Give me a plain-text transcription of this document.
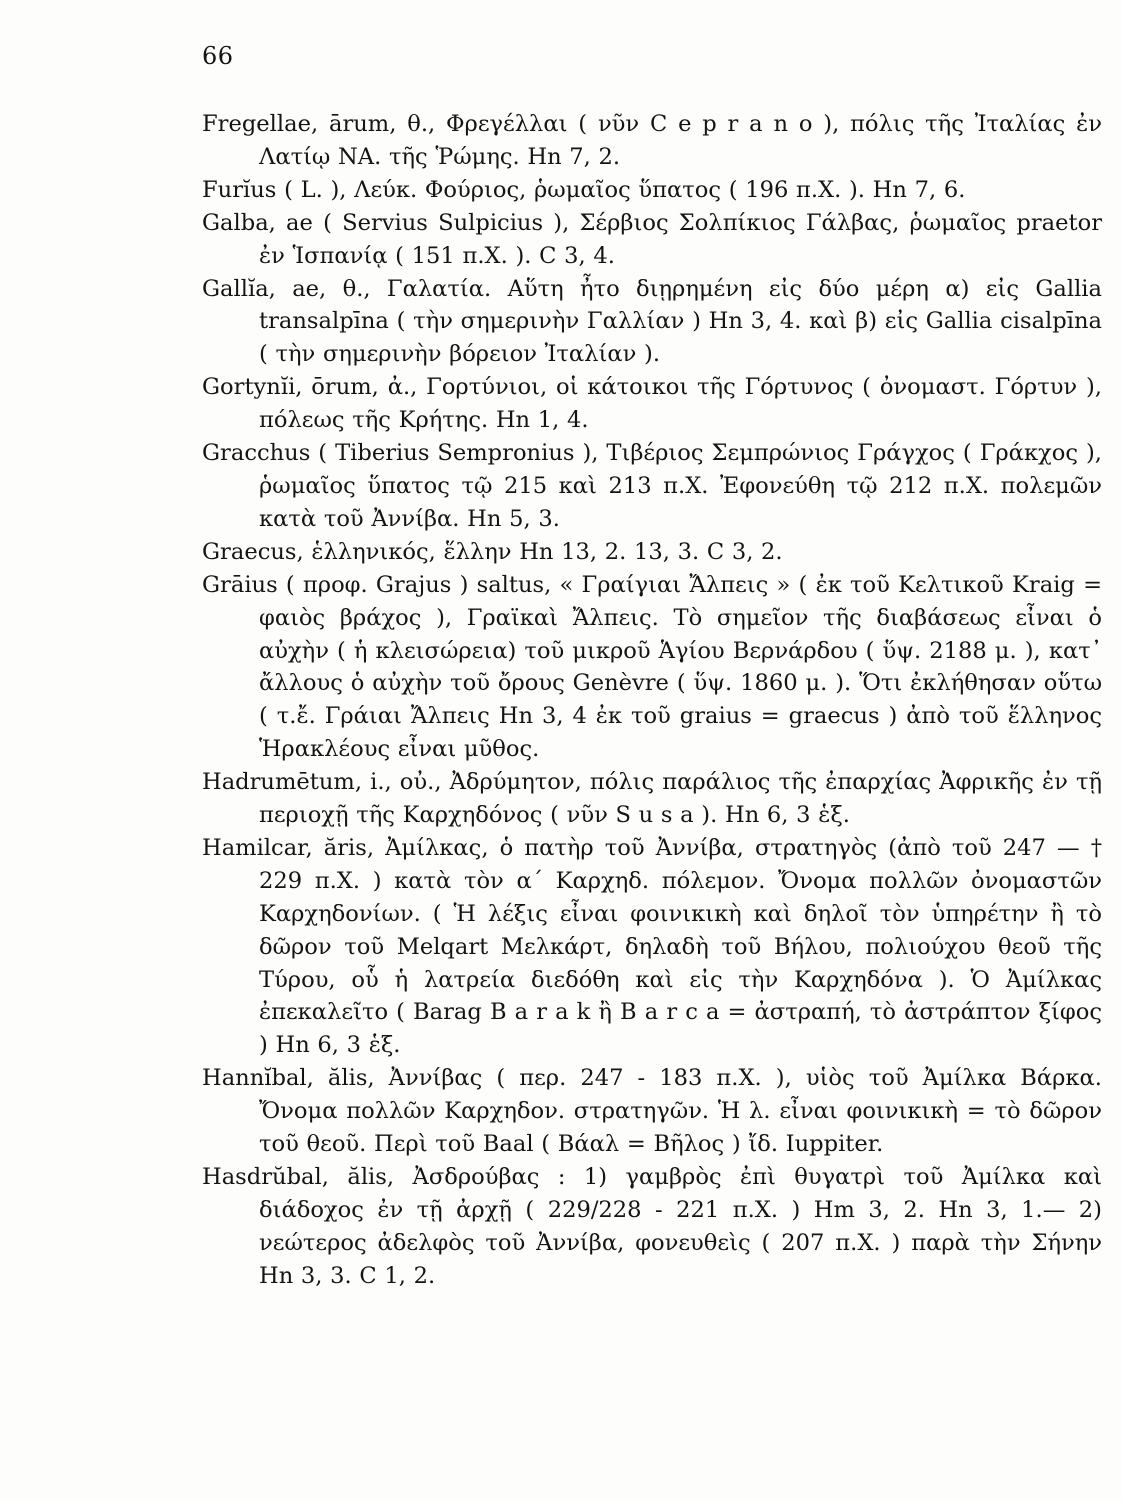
66

Fregellae, ārum, θ., Φρεγέλλαι ( νῦν C e p r a n o ), πόλις τῆς Ἰταλίας ἐν Λατίῳ ΝΑ. τῆς Ῥώμης. Hn 7, 2.

Furĭus ( L. ), Λεύκ. Φούριος, ῥωμαῖος ὕπατος ( 196 π.Χ. ). Hn 7, 6.

Galba, ae ( Servius Sulpicius ), Σέρβιος Σολπίκιος Γάλβας, ῥωμαῖος praetor ἐν Ἱσπανίᾳ ( 151 π.Χ. ). C 3, 4.

Gallĭa, ae, θ., Γαλατία. Αὕτη ἦτο διῃρημένη εἰς δύο μέρη α) εἰς Gallia transalpīna ( τὴν σημερινὴν Γαλλίαν ) Hn 3, 4. καὶ β) εἰς Gallia cisalpīna ( τὴν σημερινὴν βόρειον Ἰταλίαν ).

Gortynĭi, ōrum, ἀ., Γορτύνιοι, οἱ κάτοικοι τῆς Γόρτυνος ( ὀνομαστ. Γόρτυν ), πόλεως τῆς Κρήτης. Hn 1, 4.

Gracchus ( Tiberius Sempronius ), Τιβέριος Σεμπρώνιος Γράγχος ( Γράκχος ), ῥωμαῖος ὕπατος τῷ 215 καὶ 213 π.Χ. Ἐφονεύθη τῷ 212 π.Χ. πολεμῶν κατὰ τοῦ Ἀννίβα. Hn 5, 3.

Graecus, ἑλληνικός, ἕλλην Hn 13, 2. 13, 3. C 3, 2.

Grāius ( προφ. Grajus ) saltus, « Γραίγιαι Ἄλπεις » ( ἐκ τοῦ Κελτικοῦ Kraig = φαιὸς βράχος ), Γραϊκαὶ Ἄλπεις. Τὸ σημεῖον τῆς διαβάσεως εἶναι ὁ αὐχὴν ( ἡ κλεισώρεια) τοῦ μικροῦ Ἁγίου Βερνάρδου ( ὕψ. 2188 μ. ), κατ᾽ ἄλλους ὁ αὐχὴν τοῦ ὄρους Genèvre ( ὕψ. 1860 μ. ). Ὅτι ἐκλήθησαν οὕτω ( τ.ἔ. Γράιαι Ἄλπεις Hn 3, 4 ἐκ τοῦ graius = graecus ) ἀπὸ τοῦ ἕλληνος Ἡρακλέους εἶναι μῦθος.

Hadrumētum, i., οὐ., Ἀδρύμητον, πόλις παράλιος τῆς ἐπαρχίας Ἀφρικῆς ἐν τῇ περιοχῇ τῆς Καρχηδόνος ( νῦν S u s a ). Hn 6, 3 ἑξ.

Hamilcar, ăris, Ἀμίλκας, ὁ πατὴρ τοῦ Ἀννίβα, στρατηγὸς (ἀπὸ τοῦ 247 — † 229 π.Χ. ) κατὰ τὸν α΄ Καρχηδ. πόλεμον. Ὄνομα πολλῶν ὀνομαστῶν Καρχηδονίων. ( Ἡ λέξις εἶναι φοινικικὴ καὶ δηλοῖ τὸν ὑπηρέτην ἢ τὸ δῶρον τοῦ Melqart Μελκάρτ, δηλαδὴ τοῦ Βήλου, πολιούχου θεοῦ τῆς Τύρου, οὗ ἡ λατρεία διεδόθη καὶ εἰς τὴν Καρχηδόνα ). Ὁ Ἀμίλκας ἐπεκαλεῖτο ( Barag B a r a k ἢ B a r c a = ἀστραπή, τὸ ἀστράπτον ξίφος ) Hn 6, 3 ἑξ.

Hannĭbal, ălis, Ἀννίβας ( περ. 247 - 183 π.Χ. ), υἱὸς τοῦ Ἀμίλκα Βάρκα. Ὄνομα πολλῶν Καρχηδον. στρατηγῶν. Ἡ λ. εἶναι φοινικικὴ = τὸ δῶρον τοῦ θεοῦ. Περὶ τοῦ Baal ( Βάαλ = Βῆλος ) ἴδ. Iuppiter.

Hasdrŭbal, ălis, Ἀσδρούβας : 1) γαμβρὸς ἐπὶ θυγατρὶ τοῦ Ἀμίλκα καὶ διάδοχος ἐν τῇ ἀρχῇ ( 229/228 - 221 π.Χ. ) Hm 3, 2. Hn 3, 1.— 2) νεώτερος ἀδελφὸς τοῦ Ἀννίβα, φονευθεὶς ( 207 π.Χ. ) παρὰ τὴν Σήνην Hn 3, 3. C 1, 2.
